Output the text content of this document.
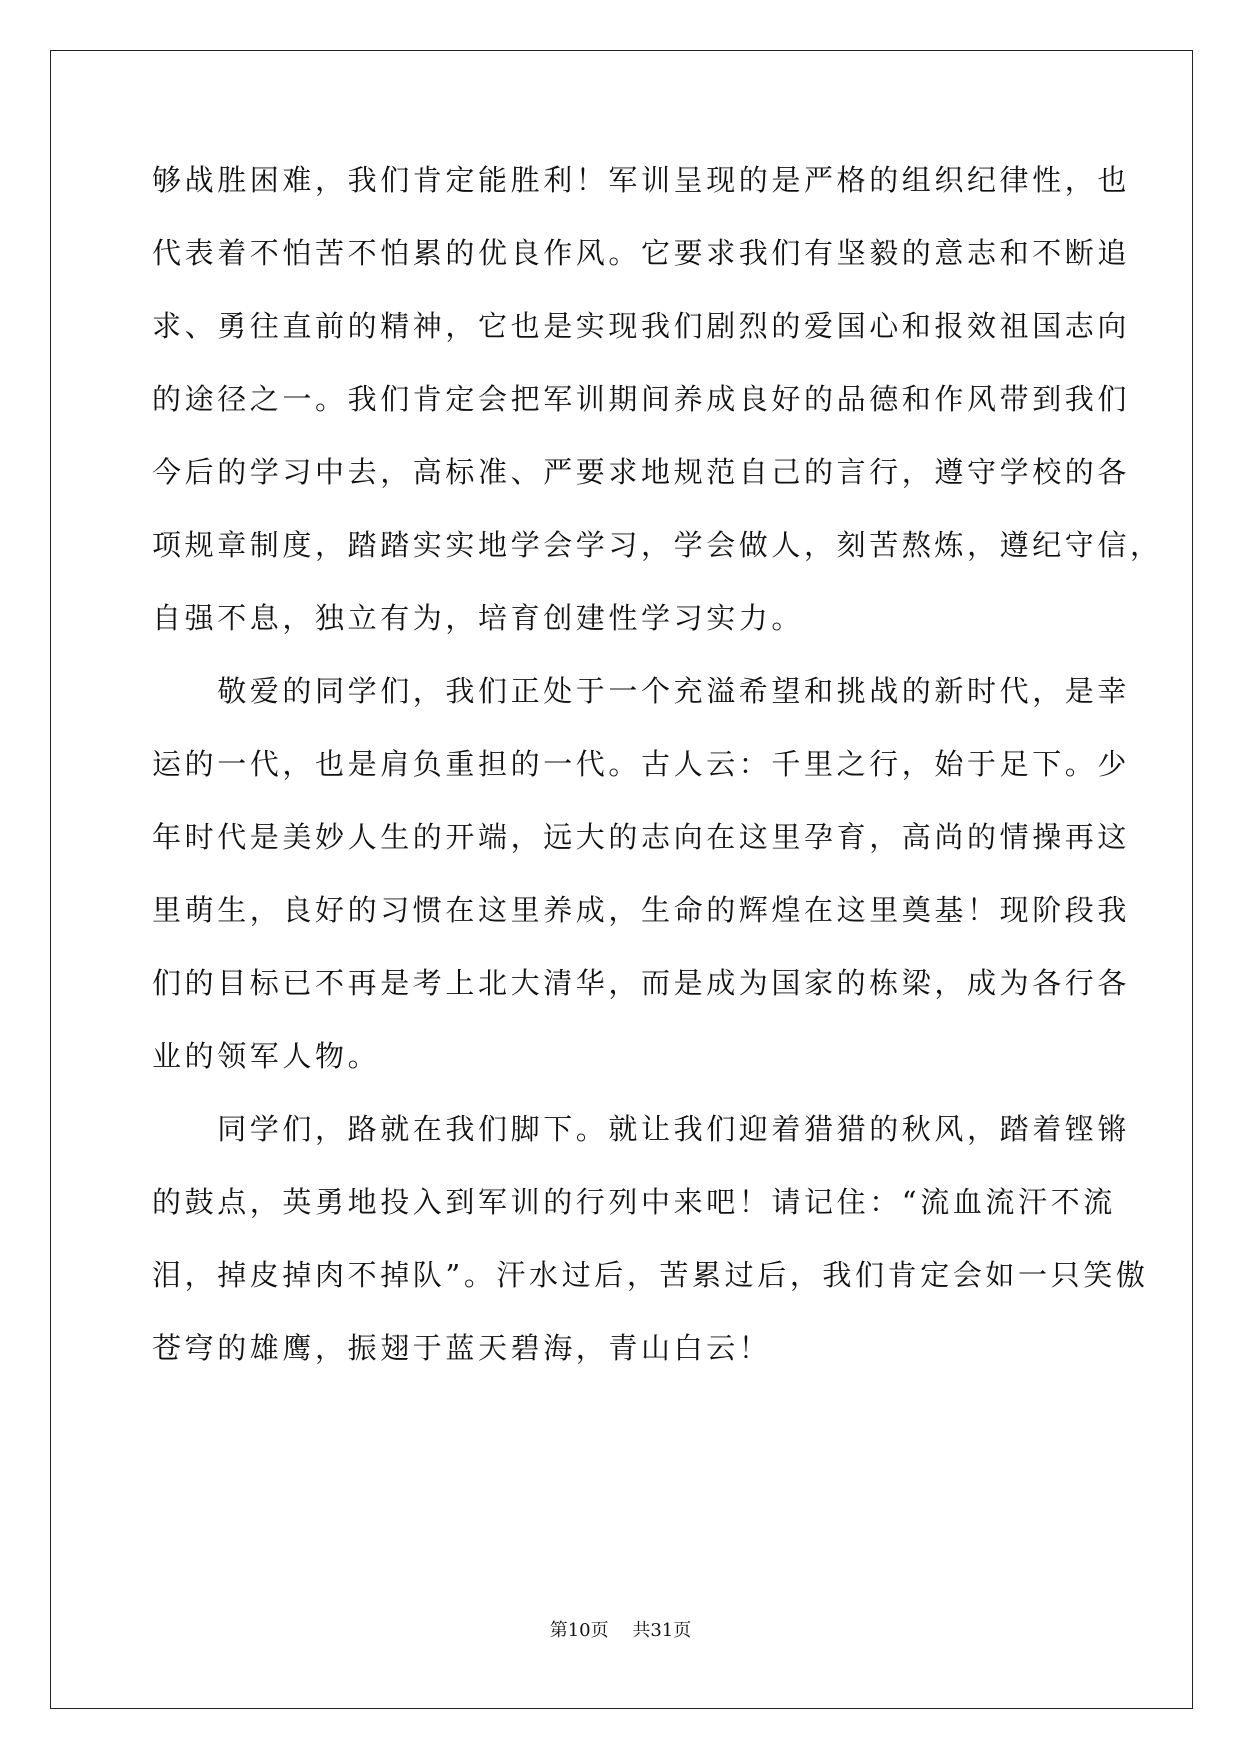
够战胜困难，我们肯定能胜利！军训呈现的是严格的组织纪律性，也
代表着不怕苦不怕累的优良作风。它要求我们有坚毅的意志和不断追
求、勇往直前的精神，它也是实现我们剧烈的爱国心和报效祖国志向
的途径之一。我们肯定会把军训期间养成良好的品德和作风带到我们
今后的学习中去，高标准、严要求地规范自己的言行，遵守学校的各
项规章制度，踏踏实实地学会学习，学会做人，刻苦熬炼，遵纪守信，
自强不息，独立有为，培育创建性学习实力。
　　敬爱的同学们，我们正处于一个充溢希望和挑战的新时代，是幸
运的一代，也是肩负重担的一代。古人云：千里之行，始于足下。少
年时代是美妙人生的开端，远大的志向在这里孕育，高尚的情操再这
里萌生，良好的习惯在这里养成，生命的辉煌在这里奠基！现阶段我
们的目标已不再是考上北大清华，而是成为国家的栋梁，成为各行各
业的领军人物。
　　同学们，路就在我们脚下。就让我们迎着猎猎的秋风，踏着铿锵
的鼓点，英勇地投入到军训的行列中来吧！请记住：“流血流汗不流
泪，掉皮掉肉不掉队”。汗水过后，苦累过后，我们肯定会如一只笑傲
苍穹的雄鹰，振翅于蓝天碧海，青山白云！
第10页　 共31页
